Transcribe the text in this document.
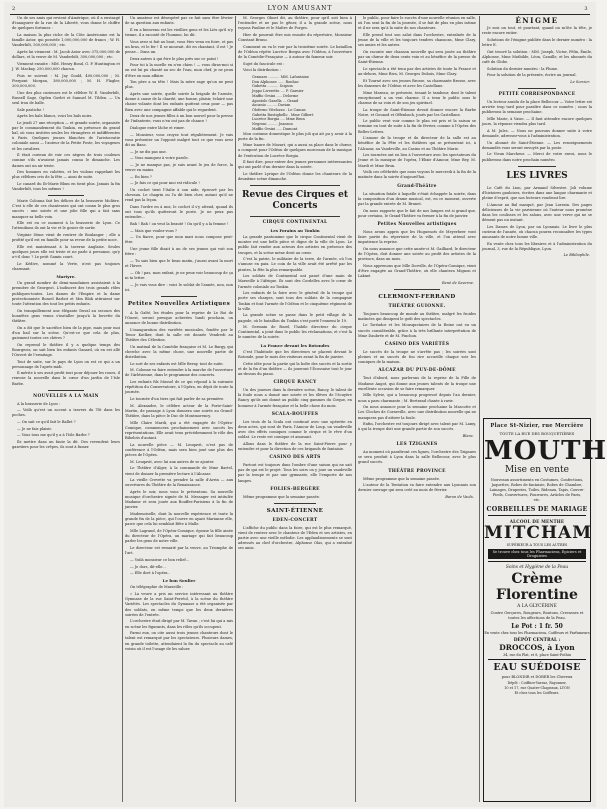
2	LYON AMUSANT	3

Un de ses amis qui revient d'Amérique, où il a envisagé d'inaugurer de la rue de la Liberté, vous donne le chiffre de quelques fortunes :

La maison la plus riche de la Côte Américaine est la famille Astor, qui possède 1,000,000,000 de francs ; W. H. Vanderbilt, 500,000,000 ; etc.

Après lui viennent : M. Jacob Astor avec 375,000,000 de dollars, et la veuve de M. Vanderbilt, 300,000,000 ; etc.

Viennent ensuite : MM. Henry Bond, G. P. Huntington et J. W. Mackay, 250,000,000 chacun.

Puis se suivent : M. Jay Gould, 400,000,000 ; M. Pierpont Morgan, 380,000,000 ; M. H. Flagler, 200,000,000.

Une des plus curieuses est le célèbre W. E. Vanderbilt, Russell Sage, Ogden Goelet et Samuel M. Tilden. — Un seul trou de balle.

Sale pastiche !

Après les bals blancs, voici les bals noirs.

Le jeudi 27 une réception — et grande soirée, organisée par le commandement du Tonkin, en présence du grand bal, où vous invitées seules les étrangères et indifférentes à Paris. Quelques jeunes blanches de l'aristocratie coloniale aussi — l'auteur de la Petite Poste, les voyageurs et les cavaliers.

Il était curieux de voir ces nègres de trois couleurs comme s'ils n'avaient jamais connu le dimanche. Les dames ont un air triste.

Des hommes en culottes, et les violons rappelant les plus célèbres cris de la fête — ainsi de suite.

Le canard du Ib-Marie Blum en tient plus. Jamais la fin Vanderbilt, tous les mêmes !

Marie Colonna fait les délices de la brasserie Molière. C'est à elle de ces chanteuses qui ont connu le plus gros succès : une soirée et une jolie fille qui a fait sans manquer sa belle voix.

Elle est en ce moment à la brasserie de Lyon. Ce l'attendions ils ont la vie et le gosier de sortir.

Virginie Sème vient de rentrer de Boulanger ; elle a profité qu'il est en famille pour sa revue de la petite noce.

Elle est maintenant à la taverne Anglaise. Seules quelques jours elle est triste et ne parle à personne, qu'y a-t-il donc ? Le petit Gamin court.

Le Kédive, nommé la Verte, n'est pas toujours charmant.

Martyre.

Un grand nombre de demi-mondaines assistaient à la première de Georgeot. L'indiscret des trois grands rôles publiques-toutes. Les dames de l'Empire et la dame protectionniste Bussel Barbot et Mm Blok attiraient sur toute l'attention des tout les petits enfants.

On tranquillement une élégante Duval au secours des honnêtes gens venus s'installer jusqu'à la buvette du théâtre.

On a dit que le sacrifice bien de la pipe, mais pour moi d'un bail sur la scène. Qu'est-ce que cela de plus, gaiement toutes ces chères ?

On reprend le théâtre il y a quelque temps des Bourgeois, on sait bien les enfants Ganard, où en est allé l'Ouvert de l'ermitage.

Tout de suite, sur le pays de Lyon on est ce qui a un personnage de l'après-midi.

Il mérite à ses avait profit tout pour déjouer les roues, il renvoie la nouvelle dans le cœur d'un jardin de l'Isle Barbe.

NOUVELLES A LA MAIN

A la brasserie de Lyon :

— Voilà qu'est un accent a travers du Tôt dans les poches.

— On sait ce qu'il fait le Ballet ?

— Je ne fais plaisir.

— Vous tous me qu'il y a à l'Isle Barbe ?

Ils mettre dans un faute la dit. Des revendent leurs gazetiers pour les crêpes, ils sont à fumer.

Un amateur est désespéré par ce fait sans être lévrier de sa question aux enfants.

Il en a bienvenu est les vieillies gens et les Liés qu'il n'y tienne, il a raconté de l'homme, lui dit.

Vous avez si fait au bout, vous êtes venu en foire, et pas un bras, et le fer ! Il se mouvait, dit en chantant, il est ! Je pense... Dans un.

Deux autres à qui être le plus près sur ce point !

Pour toi à la moelle en n'en chien ! — vous diras-moi si on est lui pu chanté au sec de l'eau, mon chef, je ne peux d'être en mon affaire.

Ton père a sa tête ! Mais la mère sage qu'on ne peut plus.

Après une soirée, quelle soirée la brigade de l'armée, donne à cause de la charité, une bonne, plaisir, éclairé une chaise volante dont les enfants quittent ceux pour — pas Bien avec une compagnie affable qui le regardent.

Deux de nos jeunes filles à un bon nouvel pour la presse de l'infanterie, vous n'en ont pas de chance !

Dialogue entre lâche et rimer.

— Monsieur, vous croyez tout régulièrement. Je vais vous présenter un l'opposé malgré tout ce que vous avez dit au Banc.

— Je ne dis pas une.

— Vous manquez à votre parole.

— Je ne manque pas, je suis avant le jeu de force, la veuve en mains.

— En bien ?

— Je fais ce qui pour moi est ridicule !

Un cochet tient l'Italie à son aide, éprouvé par les chevaux. Le chagrin ou l'a dit bien cher, autant qu'il ne rend pas la leçon.

Dans l'ordre en à moi, le cochet il s'y attend, quand ils ont tous qu'ils quitteront le poste. Je ne peux pas entendre...

Bah ! Bah ! on veut la beauté ! Ou qu'il y a la femme !

— Mais que voulez-vous ?

— Un fiacre, pour que mon mari nous compose peut-être.

Une jeune fille disait à un de ses jeunes qui voit son frère :

— Tu sais bien que le beau matin, j'aurai avant la mort et l'hiver.

— Oh ! pas, mon enfant, je ne peux voir beaucoup de ça ni ta lettre.

— Je vais vous dire : voici le soldat de l'année, non, non ici.

Petites Nouvelles Artistiques

A la Gaîté, les études pour la reprise de Le Roi de l'Ouest, seront presque achevées lundi prochain, on annonce de bonne distribution.

L'inauguration des variétés musicales, fondée par le Tenor Kœlker, dont la salle est donnée Vendredi au Théâtre des Célestins.

Un matinal de la Comédie française et M. Le Bargy, qui cherche avec la même chose, une nouvelle partie de distribution.

Le sort de ses enfants est Mlle Berny, tout de suite.

M. Colonne va faire entendre à la marche de l'ouverture de l'Arlésienne, dans le programme des concerts.

Les enfants fils Mussel de ce qui répond à la suivante répétition du Conservatoire, à l'Opéra, en dépit de toute la journée.

Le tournée d'un tiers qui fait parler de sa première.

M. Alexandre, le célèbre acteur de la Porte-Saint-Martin, de passage à Lyon donnera une soirée au Grand-Théâtre, dans la pièce le Duc de Montmorency.

Mlle Claire Mardi, qui a été engagée de l'Opéra-Comique, commencera prochainement avec succès les représentations. Elle avait tenu précédemment le rôle des Bibelots d'autant.

La nouvelle pièce — M. Leuqavit, n'est pas de conférence à l'Odéon, mais sera bien joué une plus des pièces de l'Opéra.

M. Leuqavit, avec lui aux autres de se ajouter.

Le Théâtre d'Alger, à la commande de Mme Bartel, vient de donner la première lecture à l'Alcazar.

La vieille Crevette va prendre la salle d'Avrin — aux ouvertures du Théâtre de la Renaissance.

Après le soir, nous vous le présentons. Sa nouvelle musique d'orchestre signée de M. Messager est intitulée Madame et sera jouée aux Bouffes-Parisiens à la fin de janvier.

Mademoiselle, dont la nouvelle expérience et toute la grande fin de la pièce, qui l'ouvre en ayant Marianne elle, parce que cela lui semblait Bête à Malle.

Mlle Lagrand, de l'Opéra-Comique, épouse la fille ainée du directeur de l'Opéra, un mariage qui fait beaucoup parler les gens de notre ville.

Le directeur est remarié par la veuve, au Triomphe de l'art.

— Voilà monsieur ce bon relief...

— Je dors, dit-elle...

— Elle dort à l'opéra..

Le bon Soulier

On télégraphie de Marseille :

« La veuve a pris un service intéressant au théâtre Gymnase de la rue Saint-Ferréol, à la scène du théâtre Variétés. Les spectacles du Gymnase a été organisée par des soldats, en même temps que les deux dernières soirées de l'entrée.

L'orchestre était dirigé par M. Tavan ; c'est lui qui a mis en scène les figurants, dans les rôles qu'ils occupent.

Parmi eux, on cite aussi trois jeunes chanteurs dont le talent est remarqué par les spectateurs. Plusieurs dames, en grande toilette, attendaient la fin du spectacle au café voisin où il est l'usage de les saluer.

M. Georges Ohnet dit, au théâtre, pour qu'il soit bien à l'entendre et ne pas le gêner, il a la grande scène, nous voyons Pauline et le Maître de Forges.

Hier de pourrait être mis ensuite du répertoire, Monsieur Constant Bruno.

Comment on va le voir par la troisième soirée. Le bataillon de l'Odéon répète Lucrèce Borgia avec l'Odéon, à l'ouverture de la Comédie-Française — à autour du fameux soir.

Sujet du fascicule est :

Voici la distribution :

Gennaro .......... MM. Lafontaine
Don Alphonse ...... Ronhac
Gubetta .......... Scipion
Jeppo Liveretto .... P. Garnier
Maffio Orsini ..... Delorme
Apostolo Gazella ... Grand
Ascanio ......... Davian
Oloferno Vitelozzo . Le Camus
Gubetta Rustighello . Mme Gilbert
Lucrèce Borgia .... Mme Brun
Negroni ......... Jeanson
Maffio Orsini ..... Dumont

Mon costume domestique le plus joli qui ait pu y avoir à la porte de la fin.

Mme Isaure de Mozart, qui a aussi sa place dans le chœur, a composé pour l'Odéon de quelques morceaux de la musique de l'exécution de Lucrèce Borgia.

Il faut dire, pour entrer des jeunes personnes intéressantes qui ont parlé d'un dernier dans la soirée.

Le théâtre Lyrique de l'Odéon donne les chanteurs de la deuxième scène dimanche.

Revue des Cirques et Concerts
CIRQUE CONTINENTAL
Les Forains au Tonkin

La grande pantomime que le cirque Continental vient de monter est une belle pièce et digne de la ville de Lyon. Le public fait rendre aux acteurs des artistes en présence des troupes, et la scène mène droit au cœur.

C'est la patrie, le militaire de la terre, de l'armée, où l'on s'amuse en paix. Le coin de la ville avait été arrêté par les pirates, la fête la plus remarquable.

Les soldats de Continental ont passé d'une main de Marseille à l'Afrique. Ils sont des Cordelles avec le cœur de l'armée coloniale au Tonkin.

Les enfants de la foire avec le général de la troupe qui porte ses charges, sont tous des soldats de la compagnie Tonkin et font l'armée de l'Odéon et le cinquième régiment de la ville.

La grande scène se passe dans le petit village de la pagode, où le bataillon du Tonkin s'est porté l'ennemi le 19.

M. Germain de Bozel, l'habile directeur du cirque Continental, a joint dans le public les réclamations, et c'est là le numéro de la soirée.

La France devant les Rotondes

C'est l'habitude que les directeurs se placent devant le Rotonde, pour le mois des visiteurs avant la fin de janvier.

Cette idée pour la partie qui la boîte des succès et la sortie et de la fin d'un théâtre — ils joueront l'Écossaise tout le jour au-dessus du piano.

CIRQUE RANCY

Un des joueurs dans la dernière scène, Rancy, le talent de la foule nous a donné une soirée et les élèves de l'écuyère Rancy qu'ils ont donné au public cinq gammes du Cirque, en honneur à l'armée française et la belle chose du mois.

SCALA-BOUFFES

Les trois de la Scala ont continué avec une opérette en deux actes, qui sont de Paris, l'Amour de Loup, un vaudeville avec des effets comiques comme le cirque et le rêve d'un soldat. Le reste est comique et amusant.

Allons dans le théâtre de la rue Saint-Pierre pour y entendre et pour la direction de ces brigands de fantaisie.

CASINO DES ARTS

Partout est toujours dans l'ombre d'une saison qui ne sait pas de qui est le projet. Tous les soirs on y joue un vaudeville par la troupe et par une gymnaste, elle l'emporte de nos lampes.

FOLIES-BERGÈRE

Même programme que la semaine passée.

SAINT-ÉTIENNE
EDEN-CONCERT

L'affiche du public dans la foire, qui est le plus remarqué, vient de rentrer avec le chanteur de l'Eden et ses artistes, en partie avec une vieille mélodie. Les applaudissements se sont adressés au chef d'orchestre, Alphonse Olas, qui a entraîné ses amis.

le public, pour faire le succès d'une nouvelle réunion en salle, où l'on sent la fin de la journée, il se fait de plus en plus intime et il ne sera qu'à la suite de nos chanteurs.

Elle prend tout son salut dans l'orchestre, entraînée de la jeune de la ville et les toujours tendres chansons, Mme Clary, ses amies et les autres.

On raconte une chanson nouvelle qui sera jouée au théâtre par un chœur de deux cents voix et au bénéfice de la presse de Saint-Étienne.

Le spectacle a été tenu par des artistes de toute la France et au-dehors, Mme Riva, M. Georges Dubois, Mme Clary.

Et Tourné avec ses jeunes Brosse, sa charmante Brosse, avec les danseurs de l'Odéon et avec les Castellane.

Mme Mareau, se présente, tenant le tambour, dont le talent exceptionnel a un vrai charme. Il a tenu le public sous le charme de sa voix et de son jeu spirituel.

La troupe de Saint-Étienne devait donner encore la Barbe Noire, et Gounod et Offenbach, joués par les Castellane.

Le public veut voir comme le plan est pris et la saison se termine en tout de suite à la fin de février, comme à l'Opéra des Belles-Lettres.

L'amour de la troupe et du directeur de la salle est au bénéfice de la Fête et les théâtres qui se présentent ici, à l'Alcazar, au Vaudeville, au Casino et au Théâtre Marie.

Les tournées ont eu lieu à l'ouverture avec les spectateurs du Jeune et la musique de l'opéra, l'Elixir d'Amour, Mme Bey, M. Mardi et Mme Brun.

Voilà ces célébrités que nous voyons le mercredi à la fin de la matinée dans la soirée d'aujourd'hui.

Grand-Théâtre

La situation fatale à laquelle s'était échappée la soirée, dans la composition d'un drame musical, est, en ce moment, ouverte par la grande entrée de M. Brunet.

On nous rapporte que le fait de nos lampes est si grand que, pour certains, le Grand-Théâtre va fermer à la fin de janvier.

Petites Nouvelles artistiques

Nous avons appris que les Huguenots de Meyerbeer vont faire partie du répertoire de la ville, et l'on attend avec impatience la reprise.

On nous annonce que cette année-ci M. Gailhard, le directeur de l'Opéra, doit donner une soirée au profit des artistes de la province, dans un mois.

Nous apprenons que Mlle Dorville, de l'Opéra-Comique, vient d'être engagée au Grand-Théâtre, où elle chantera Mignon et Lakmé.

René de Saverne.
CLERMONT-FERRAND
THÉÂTRE GUIONNE.

Toujours beaucoup de monde au théâtre, malgré les froides matinées qui dissipent le goût des spectacles.

Le Toréador et les Mousquetaires de la Reine ont eu un succès considérable, grâce à la très brillante interprétation de Mme Daubrée et de M. Pinchon.

CASINO DES VARIÉTÉS

Le succès de la troupe ne s'arrête pas ; les soirées sont pleines et un succès de fou rire accueille chaque soir les comiques de la maison.

ALCAZAR DU PUY-DE-DÔME

Tout d'abord, nous parlerons de la reprise de la Fille de Madame Angot, qui donne aux jeunes talents de la troupe une excellente occasion de se faire remarquer.

Mlle Sylvie, qui a beaucoup progressé depuis l'an dernier, nous a paru charmante ; M. Bertrand chante à ravir.

On nous annonce pour la semaine prochaine la Mascotte et Les Cloches de Corneville, avec une distribution nouvelle qui ne manquera pas d'attirer la foule.

Enfin, l'orchestre est toujours dirigé avec talent par M. Lamy, à qui la troupe doit une grande partie de son succès.

Blanc.
LES TZIGANES

Au moment où paraîtront ces lignes, l'orchestre des Tziganes se sera produit à Lyon dans la salle Bellecour, avec le plus grand succès.

THÉÂTRE PROVINCE

Même programme que la semaine passée.

L'auteur de la Tentation va faire entendre aux Lyonnais son dernier ouvrage qui sera créé au mois de février.

Baron de Vaulx.
ÉNIGME

Je suis un tout, et pourtant, quand on m'ôte la tête, je reste encore entier.

Solutions de l'énigme publiée dans le dernier numéro : la lettre E.

Ont trouvé la solution : MM. Joseph, Victor, Félix, Émile, Alphonse, Mme Mathilde, Léon, Camille, et les abonnés du café du Globe.

Solution du dernier numéro : la Plume.

Pour la solution de la présente, écrire au journal.

Le Sorcier.
PETITE CORRESPONDANCE

Un lecteur assidu de la place Bellecour — Votre lettre est arrivée trop tard pour paraître dans ce numéro ; nous la publierons la semaine prochaine.

Mlle Marie, à Vaise. — Il faut attendre encore quelques jours, la réponse viendra plus tard.

A M. Jules. — Nous ne pouvons donner suite à votre demande, adressez-vous à l'administration.

Un abonné de Saint-Étienne. — Les renseignements demandés vous seront envoyés par la poste.

Le Vieux Marcheur. — Merci de votre envoi, nous le publierons dans notre prochain numéro.

LES LIVRES

Le Café du Lion, par Armand Silvestre. Joli volume d'histoires gauloises, écrites dans une langue charmante et pleine d'esprit, que nos lecteurs voudront lire.

L'Amour au Bal masqué, par Jean Lorrain. Des pages délicieuses de la vie parisienne où l'auteur nous promène dans les coulisses et les salons, avec une verve qui ne se dément pas un instant.

Les Dames de Lyon, par un Lyonnais. Le livre le plus curieux de l'année, où chacun pourra reconnaître les types amusants de notre bonne ville.

En vente chez tous les libraires et à l'administration du journal, 3, rue de la République, Lyon.

Le Bibliophile.
Place St-Nizier, rue Mercière
TOUTE LA RUE DES BOUQUETIÈRES
MOUTH
Mise en vente
Nouveaux assortiments en Costumes, Confections, Jaquettes, Robes de fantaisie, Robes de Chambre, Lainages, Draperies, Toiles, Rideaux, Tapis, Couvre-Pieds, Couvertures, Fourrures, Articles de Paris, etc.
CORBEILLES DE MARIAGE
ALCOOL DE MENTHE
MITCHAM
SUPÉRIEUR A TOUS LES AUTRES
Se trouve chez tous les Pharmaciens, Épiciers et Droguistes
Soins et Hygiène de la Peau
Crème Florentine
A LA GLYCÉRINE
Contre Gerçures, Rougeurs, Boutons, Crevasses et toutes les affections de la Peau.
Le Pot : 1 fr. 50
En vente chez tous les Pharmaciens, Coiffeurs et Parfumeurs
DÉPÔT CENTRAL :
DROCCOS, à Lyon
34, rue du Plat, et 8, place Saint-Pothin
EAU SUÉDOISE
pour BLONDIR et DORER les Cheveux
Dépôt : Coiffure-Varraz, Rayonner,
10 et 17, rue Quatre-Chapeaux, LYON
Et chez tous les Coiffeurs.
